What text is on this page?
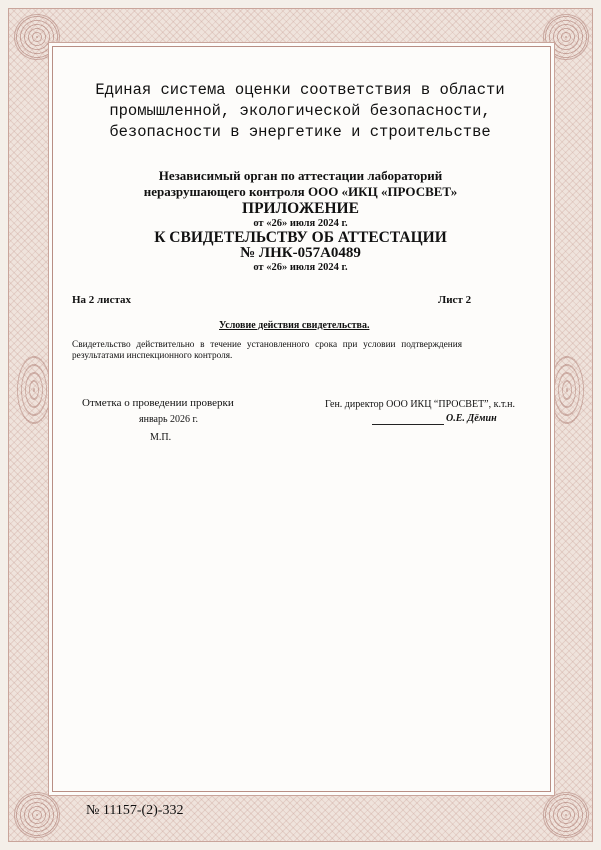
Единая система оценки соответствия в области промышленной, экологической безопасности, безопасности в энергетике и строительстве
Независимый орган по аттестации лабораторий
неразрушающего контроля ООО «ИКЦ «ПРОСВЕТ»
ПРИЛОЖЕНИЕ
от «26» июля 2024 г.
К СВИДЕТЕЛЬСТВУ ОБ АТТЕСТАЦИИ
№ ЛНК-057А0489
от «26» июля 2024 г.
На 2 листах	Лист 2
Условие действия свидетельства.
Свидетельство действительно в течение установленного срока при условии подтверждения
результатами инспекционного контроля.
Отметка о проведении проверки
январь 2026 г.
М.П.
Ген. директор ООО ИКЦ “ПРОСВЕТ”, к.т.н.
О.Е. Дёмин
№ 11157-(2)-332
